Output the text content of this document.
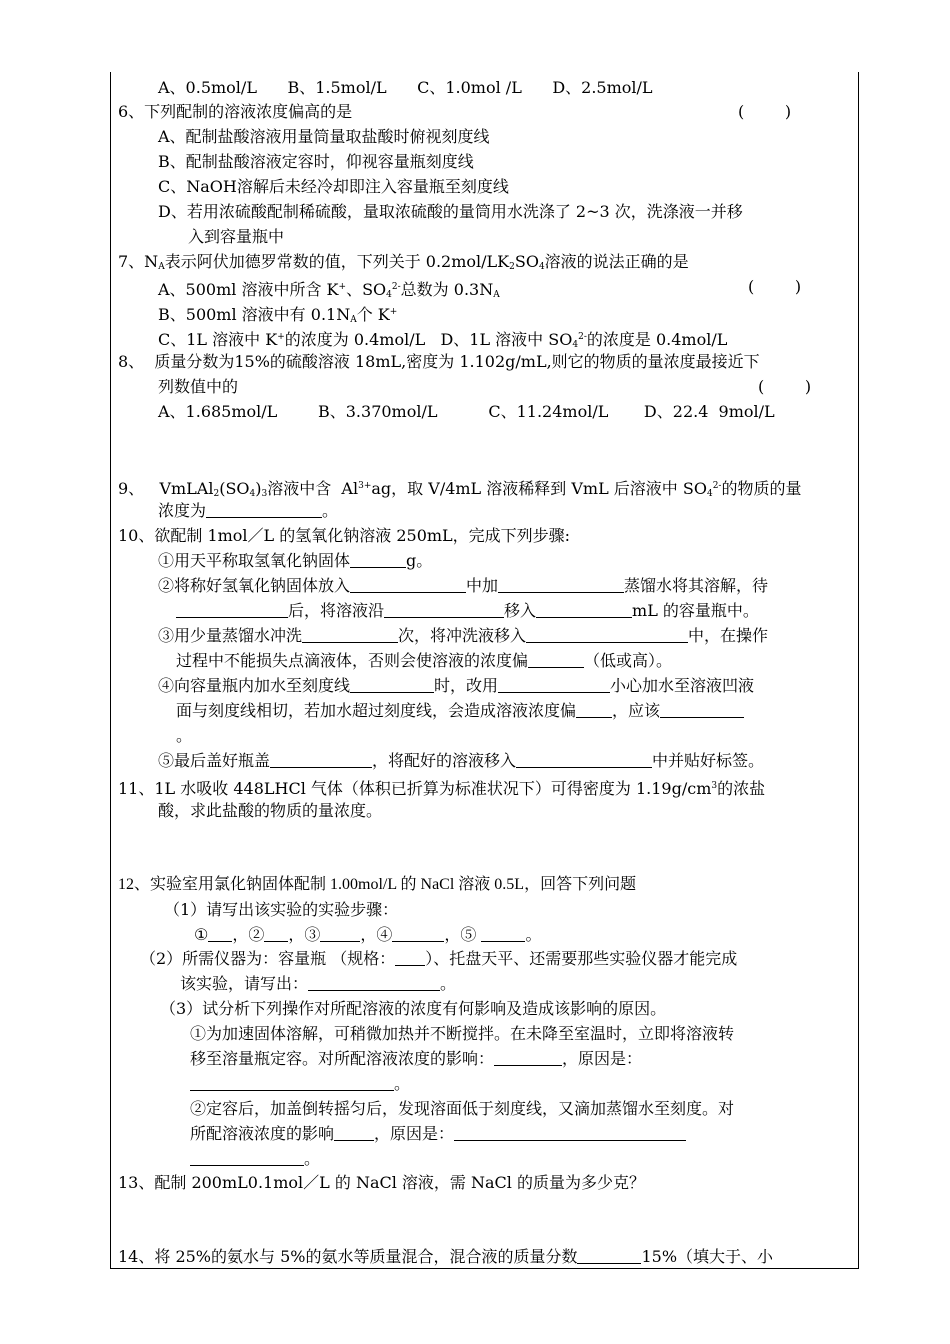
A、0.5mol/L      B、1.5mol/L      C、1.0mol /L      D、2.5mol/L
6、下列配制的溶液浓度偏高的是	(        )
A、配制盐酸溶液用量筒量取盐酸时俯视刻度线
B、配制盐酸溶液定容时，仰视容量瓶刻度线
C、NaOH溶解后未经冷却即注入容量瓶至刻度线
D、若用浓硫酸配制稀硫酸，量取浓硫酸的量筒用水洗涤了 2~3 次，洗涤液一并移
入到容量瓶中
7、$N_A$表示阿伏加德罗常数的值，下列关于 $0.2mol/LK_2SO_4$溶液的说法正确的是
A、500ml 溶液中所含 K+、$SO_4^{2-}$总数为 $0.3N_A$	(        )
B、500ml 溶液中有 $0.1N_A$个 K+
C、1L 溶液中 K+的浓度为 0.4mol/L   D、1L 溶液中 $SO_4^{2-}$的浓度是 0.4mol/L
8、  质量分数为15%的硫酸溶液 18mL,密度为 1.102g/mL,则它的物质的量浓度最接近下
列数值中的	(        )
A、1.685mol/L        B、3.370mol/L          C、11.24mol/L       D、22.4  9mol/L
9、   $VmLAl_2(SO_4)_3$溶液中含  $Al^{3+}ag$，取 V/4mL 溶液稀释到 VmL 后溶液中 $SO_4^{2-}$的物质的量
浓度为	。
10、欲配制 1mol／L 的氢氧化钠溶液 250mL，完成下列步骤:
①用天平称取氢氧化钠固体	g。
②将称好氢氧化钠固体放入	中加	蒸馏水将其溶解，待
后，将溶液沿	移入	mL 的容量瓶中。
③用少量蒸馏水冲洗	次，将冲洗液移入	中，在操作
过程中不能损失点滴液体，否则会使溶液的浓度偏	（低或高）。
④向容量瓶内加水至刻度线	时，改用	小心加水至溶液凹液
面与刻度线相切，若加水超过刻度线，会造成溶液浓度偏 ，应该
。
⑤最后盖好瓶盖	，将配好的溶液移入	中并贴好标签。
11、1L 水吸收 448LHCl 气体（体积已折算为标准状况下）可得密度为 $1.19g/cm^3$的浓盐
酸，求此盐酸的物质的量浓度。
12、实验室用氯化钠固体配制 1.00mol/L 的 NaCl 溶液 0.5L，回答下列问题
（1）请写出该实验的实验步骤：
① ，② ，③	，④	，⑤	。
（2）所需仪器为：容量瓶 （规格： ）、托盘天平、还需要那些实验仪器才能完成
该实验，请写出：	。
（3）试分析下列操作对所配溶液的浓度有何影响及造成该影响的原因。
①为加速固体溶解，可稍微加热并不断搅拌。在未降至室温时，立即将溶液转
移至溶量瓶定容。对所配溶液浓度的影响：	，原因是：
。
②定容后，加盖倒转摇匀后，发现溶面低于刻度线，又滴加蒸馏水至刻度。对
所配溶液浓度的影响	，原因是：
。
13、配制 200mL0.1mol／L 的 NaCl 溶液，需 NaCl 的质量为多少克？
14、将 25%的氨水与 5%的氨水等质量混合，混合液的质量分数	15%（填大于、小
